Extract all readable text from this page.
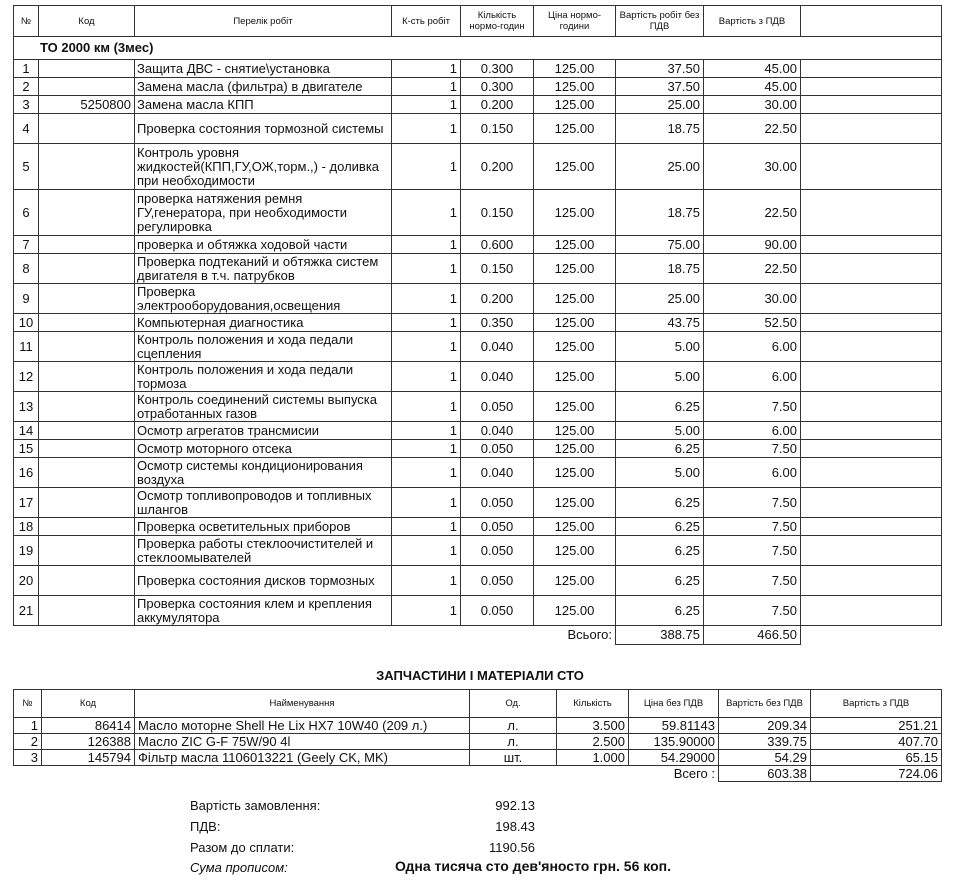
№	Код	Перелік робіт	К-сть робіт	Кількість нормо-годин	Ціна нормо-години	Вартість робіт без ПДВ	Вартість з ПДВ	
ТО 2000 км (3мес)								
1		Защита ДВС - снятие\установка	1	0.300	125.00	37.50	45.00	
2		Замена масла (фильтра) в двигателе	1	0.300	125.00	37.50	45.00	
3	5250800	Замена масла КПП	1	0.200	125.00	25.00	30.00	
4		Проверка состояния тормозной системы	1	0.150	125.00	18.75	22.50	
5		Контроль уровня жидкостей(КПП,ГУ,ОЖ,торм.,) - доливка при необходимости	1	0.200	125.00	25.00	30.00	
6		проверка натяжения ремня ГУ,генератора, при необходимости регулировка	1	0.150	125.00	18.75	22.50	
7		проверка и обтяжка ходовой части	1	0.600	125.00	75.00	90.00	
8		Проверка подтеканий и обтяжка систем двигателя в т.ч. патрубков	1	0.150	125.00	18.75	22.50	
9		Проверка электрооборудования,освещения	1	0.200	125.00	25.00	30.00	
10		Компьютерная диагностика	1	0.350	125.00	43.75	52.50	
11		Контроль положения и хода педали сцепления	1	0.040	125.00	5.00	6.00	
12		Контроль положения и хода педали тормоза	1	0.040	125.00	5.00	6.00	
13		Контроль соединений системы выпуска отработанных газов	1	0.050	125.00	6.25	7.50	
14		Осмотр агрегатов трансмисии	1	0.040	125.00	5.00	6.00	
15		Осмотр моторного отсека	1	0.050	125.00	6.25	7.50	
16		Осмотр системы кондиционирования воздуха	1	0.040	125.00	5.00	6.00	
17		Осмотр топливопроводов и топливных шлангов	1	0.050	125.00	6.25	7.50	
18		Проверка осветительных приборов	1	0.050	125.00	6.25	7.50	
19		Проверка работы стеклоочистителей и стеклоомывателей	1	0.050	125.00	6.25	7.50	
20		Проверка состояния дисков тормозных	1	0.050	125.00	6.25	7.50	
21		Проверка состояния клем и крепления аккумулятора	1	0.050	125.00	6.25	7.50	
					Всього:	388.75	466.50	
ЗАПЧАСТИНИ І МАТЕРІАЛИ СТО
№	Код	Найменування	Од.	Кількість	Ціна без ПДВ	Вартість без ПДВ	Вартість з ПДВ
1	86414	Масло моторне Shell He Lix HX7 10W40 (209 л.)	л.	3.500	59.81143	209.34	251.21
2	126388	Масло ZIC G-F 75W/90 4l	л.	2.500	135.90000	339.75	407.70
3	145794	Фільтр масла 1106013221 (Geely CK, MK)	шт.	1.000	54.29000	54.29	65.15
					Всего :	603.38	724.06
Вартість замовлення:	992.13
ПДВ:	198.43
Разом до сплати:	1190.56
Сума прописом:	Одна тисяча сто дев'яносто грн. 56 коп.
